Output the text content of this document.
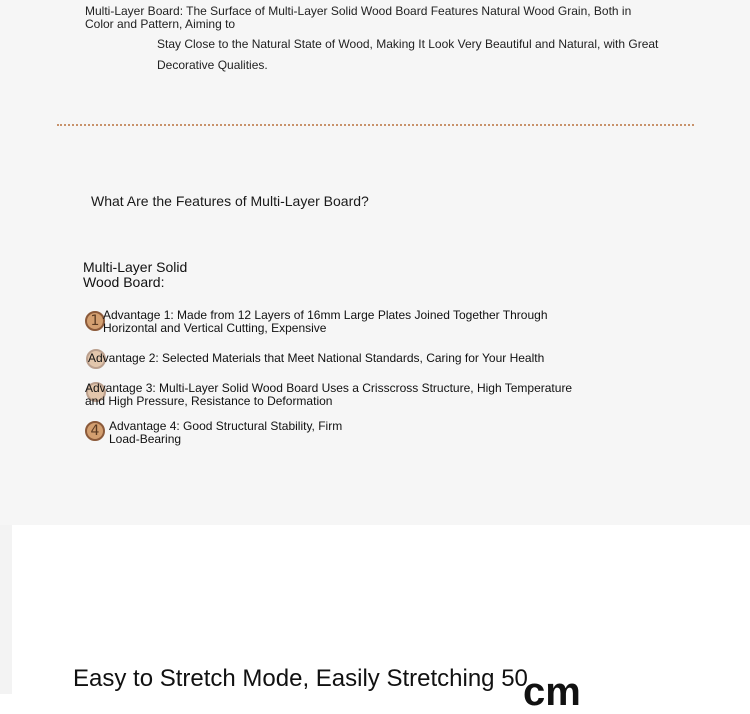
Multi-Layer Board: The Surface of Multi-Layer Solid Wood Board Features Natural Wood Grain, Both in Color and Pattern, Aiming to
Stay Close to the Natural State of Wood, Making It Look Very Beautiful and Natural, with Great Decorative Qualities.
What Are the Features of Multi-Layer Board?
Multi-Layer Solid Wood Board:
1 Advantage 1: Made from 12 Layers of 16mm Large Plates Joined Together Through Horizontal and Vertical Cutting, Expensive
Advantage 2: Selected Materials that Meet National Standards, Caring for Your Health
Advantage 3: Multi-Layer Solid Wood Board Uses a Crisscross Structure, High Temperature and High Pressure, Resistance to Deformation
4 Advantage 4: Good Structural Stability, Firm Load-Bearing
Easy to Stretch Mode, Easily Stretching 50
cm
